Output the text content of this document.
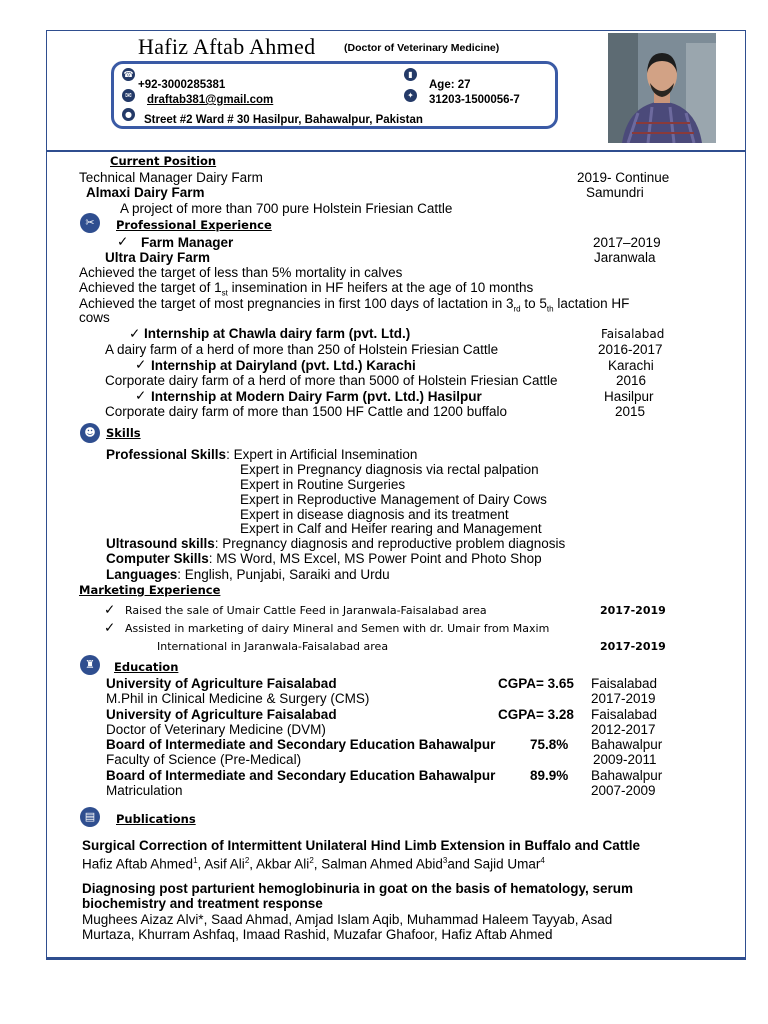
Hafiz Aftab Ahmed	(Doctor of Veterinary Medicine)
☎
+92-3000285381
✉ draftab381@gmail.com
● Street #2 Ward # 30 Hasilpur, Bahawalpur, Pakistan
▮
Age: 27
✦ 31203-1500056-7
Current Position
Technical Manager Dairy Farm	2019- Continue
Almaxi Dairy Farm	Samundri
A project of more than 700 pure Holstein Friesian Cattle
✂	Professional Experience
✓ Farm Manager	2017–2019
Ultra Dairy Farm	Jaranwala
Achieved the target of less than 5% mortality in calves
Achieved the target of $1_{st}$ insemination in HF heifers at the age of 10 months
Achieved the target of most pregnancies in first 100 days of lactation in $3_{rd}$ to $5_{th}$ lactation HF
cows
✓ Internship at Chawla dairy farm (pvt. Ltd.)	Faisalabad
A dairy farm of a herd of more than 250 of Holstein Friesian Cattle	2016-2017
✓ Internship at Dairyland (pvt. Ltd.) Karachi	Karachi
Corporate dairy farm of a herd of more than 5000 of Holstein Friesian Cattle	2016
✓ Internship at Modern Dairy Farm (pvt. Ltd.) Hasilpur	Hasilpur
Corporate dairy farm of more than 1500 HF Cattle and 1200 buffalo	2015
☻ Skills
Professional Skills: Expert in Artificial Insemination
Expert in Pregnancy diagnosis via rectal palpation
Expert in Routine Surgeries
Expert in Reproductive Management of Dairy Cows
Expert in disease diagnosis and its treatment
Expert in Calf and Heifer rearing and Management
Ultrasound skills: Pregnancy diagnosis and reproductive problem diagnosis
Computer Skills: MS Word, MS Excel, MS Power Point and Photo Shop
Languages: English, Punjabi, Saraiki and Urdu
Marketing Experience
✓ Raised the sale of Umair Cattle Feed in Jaranwala-Faisalabad area	2017-2019
✓ Assisted in marketing of dairy Mineral and Semen with dr. Umair from Maxim
International in Jaranwala-Faisalabad area	2017-2019
♜	Education
University of Agriculture Faisalabad	CGPA= 3.65 Faisalabad
M.Phil in Clinical Medicine & Surgery (CMS)	2017-2019
University of Agriculture Faisalabad	CGPA= 3.28 Faisalabad
Doctor of Veterinary Medicine (DVM)	2012-2017
Board of Intermediate and Secondary Education Bahawalpur	75.8% Bahawalpur
Faculty of Science (Pre-Medical)	2009-2011
Board of Intermediate and Secondary Education Bahawalpur	89.9% Bahawalpur
Matriculation	2007-2009
▤	Publications
Surgical Correction of Intermittent Unilateral Hind Limb Extension in Buffalo and Cattle
Hafiz Aftab Ahmed$^1$, Asif Ali$^2$, Akbar Ali$^2$, Salman Ahmed Abid$^3$and Sajid Umar$^4$
Diagnosing post parturient hemoglobinuria in goat on the basis of hematology, serum
biochemistry and treatment response
Mughees Aizaz Alvi*, Saad Ahmad, Amjad Islam Aqib, Muhammad Haleem Tayyab, Asad
Murtaza, Khurram Ashfaq, Imaad Rashid, Muzafar Ghafoor, Hafiz Aftab Ahmed
